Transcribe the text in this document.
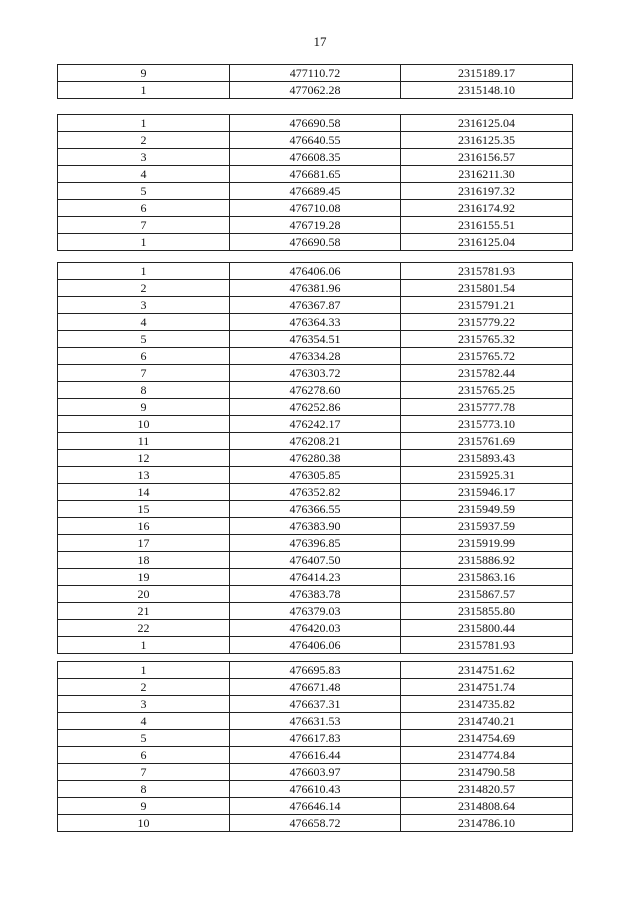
17
9	477110.72	2315189.17
1	477062.28	2315148.10
1	476690.58	2316125.04
2	476640.55	2316125.35
3	476608.35	2316156.57
4	476681.65	2316211.30
5	476689.45	2316197.32
6	476710.08	2316174.92
7	476719.28	2316155.51
1	476690.58	2316125.04
1	476406.06	2315781.93
2	476381.96	2315801.54
3	476367.87	2315791.21
4	476364.33	2315779.22
5	476354.51	2315765.32
6	476334.28	2315765.72
7	476303.72	2315782.44
8	476278.60	2315765.25
9	476252.86	2315777.78
10	476242.17	2315773.10
11	476208.21	2315761.69
12	476280.38	2315893.43
13	476305.85	2315925.31
14	476352.82	2315946.17
15	476366.55	2315949.59
16	476383.90	2315937.59
17	476396.85	2315919.99
18	476407.50	2315886.92
19	476414.23	2315863.16
20	476383.78	2315867.57
21	476379.03	2315855.80
22	476420.03	2315800.44
1	476406.06	2315781.93
1	476695.83	2314751.62
2	476671.48	2314751.74
3	476637.31	2314735.82
4	476631.53	2314740.21
5	476617.83	2314754.69
6	476616.44	2314774.84
7	476603.97	2314790.58
8	476610.43	2314820.57
9	476646.14	2314808.64
10	476658.72	2314786.10
